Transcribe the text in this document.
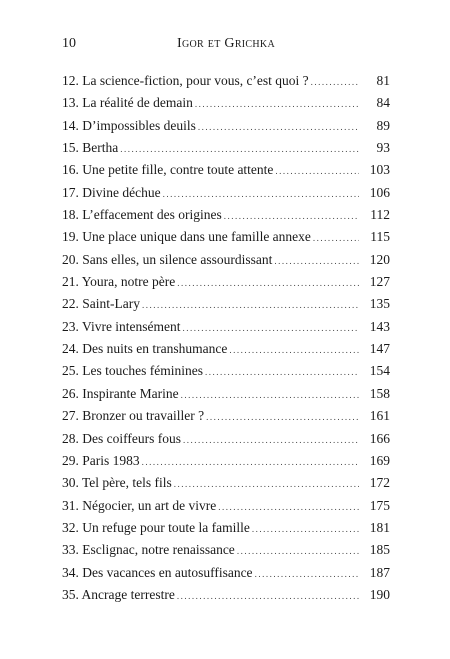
10	Igor et Grichka
12. La science-fiction, pour vous, c’est quoi ? .....	81
13. La réalité de demain .....	84
14. D’impossibles deuils .....	89
15. Bertha .....	93
16. Une petite fille, contre toute attente .....	103
17. Divine déchue .....	106
18. L’effacement des origines .....	112
19. Une place unique dans une famille annexe .....	115
20. Sans elles, un silence assourdissant .....	120
21. Youra, notre père .....	127
22. Saint-Lary .....	135
23. Vivre intensément .....	143
24. Des nuits en transhumance .....	147
25. Les touches féminines .....	154
26. Inspirante Marine .....	158
27. Bronzer ou travailler ? .....	161
28. Des coiffeurs fous .....	166
29. Paris 1983 .....	169
30. Tel père, tels fils .....	172
31. Négocier, un art de vivre .....	175
32. Un refuge pour toute la famille .....	181
33. Esclignac, notre renaissance .....	185
34. Des vacances en autosuffisance .....	187
35. Ancrage terrestre .....	190
